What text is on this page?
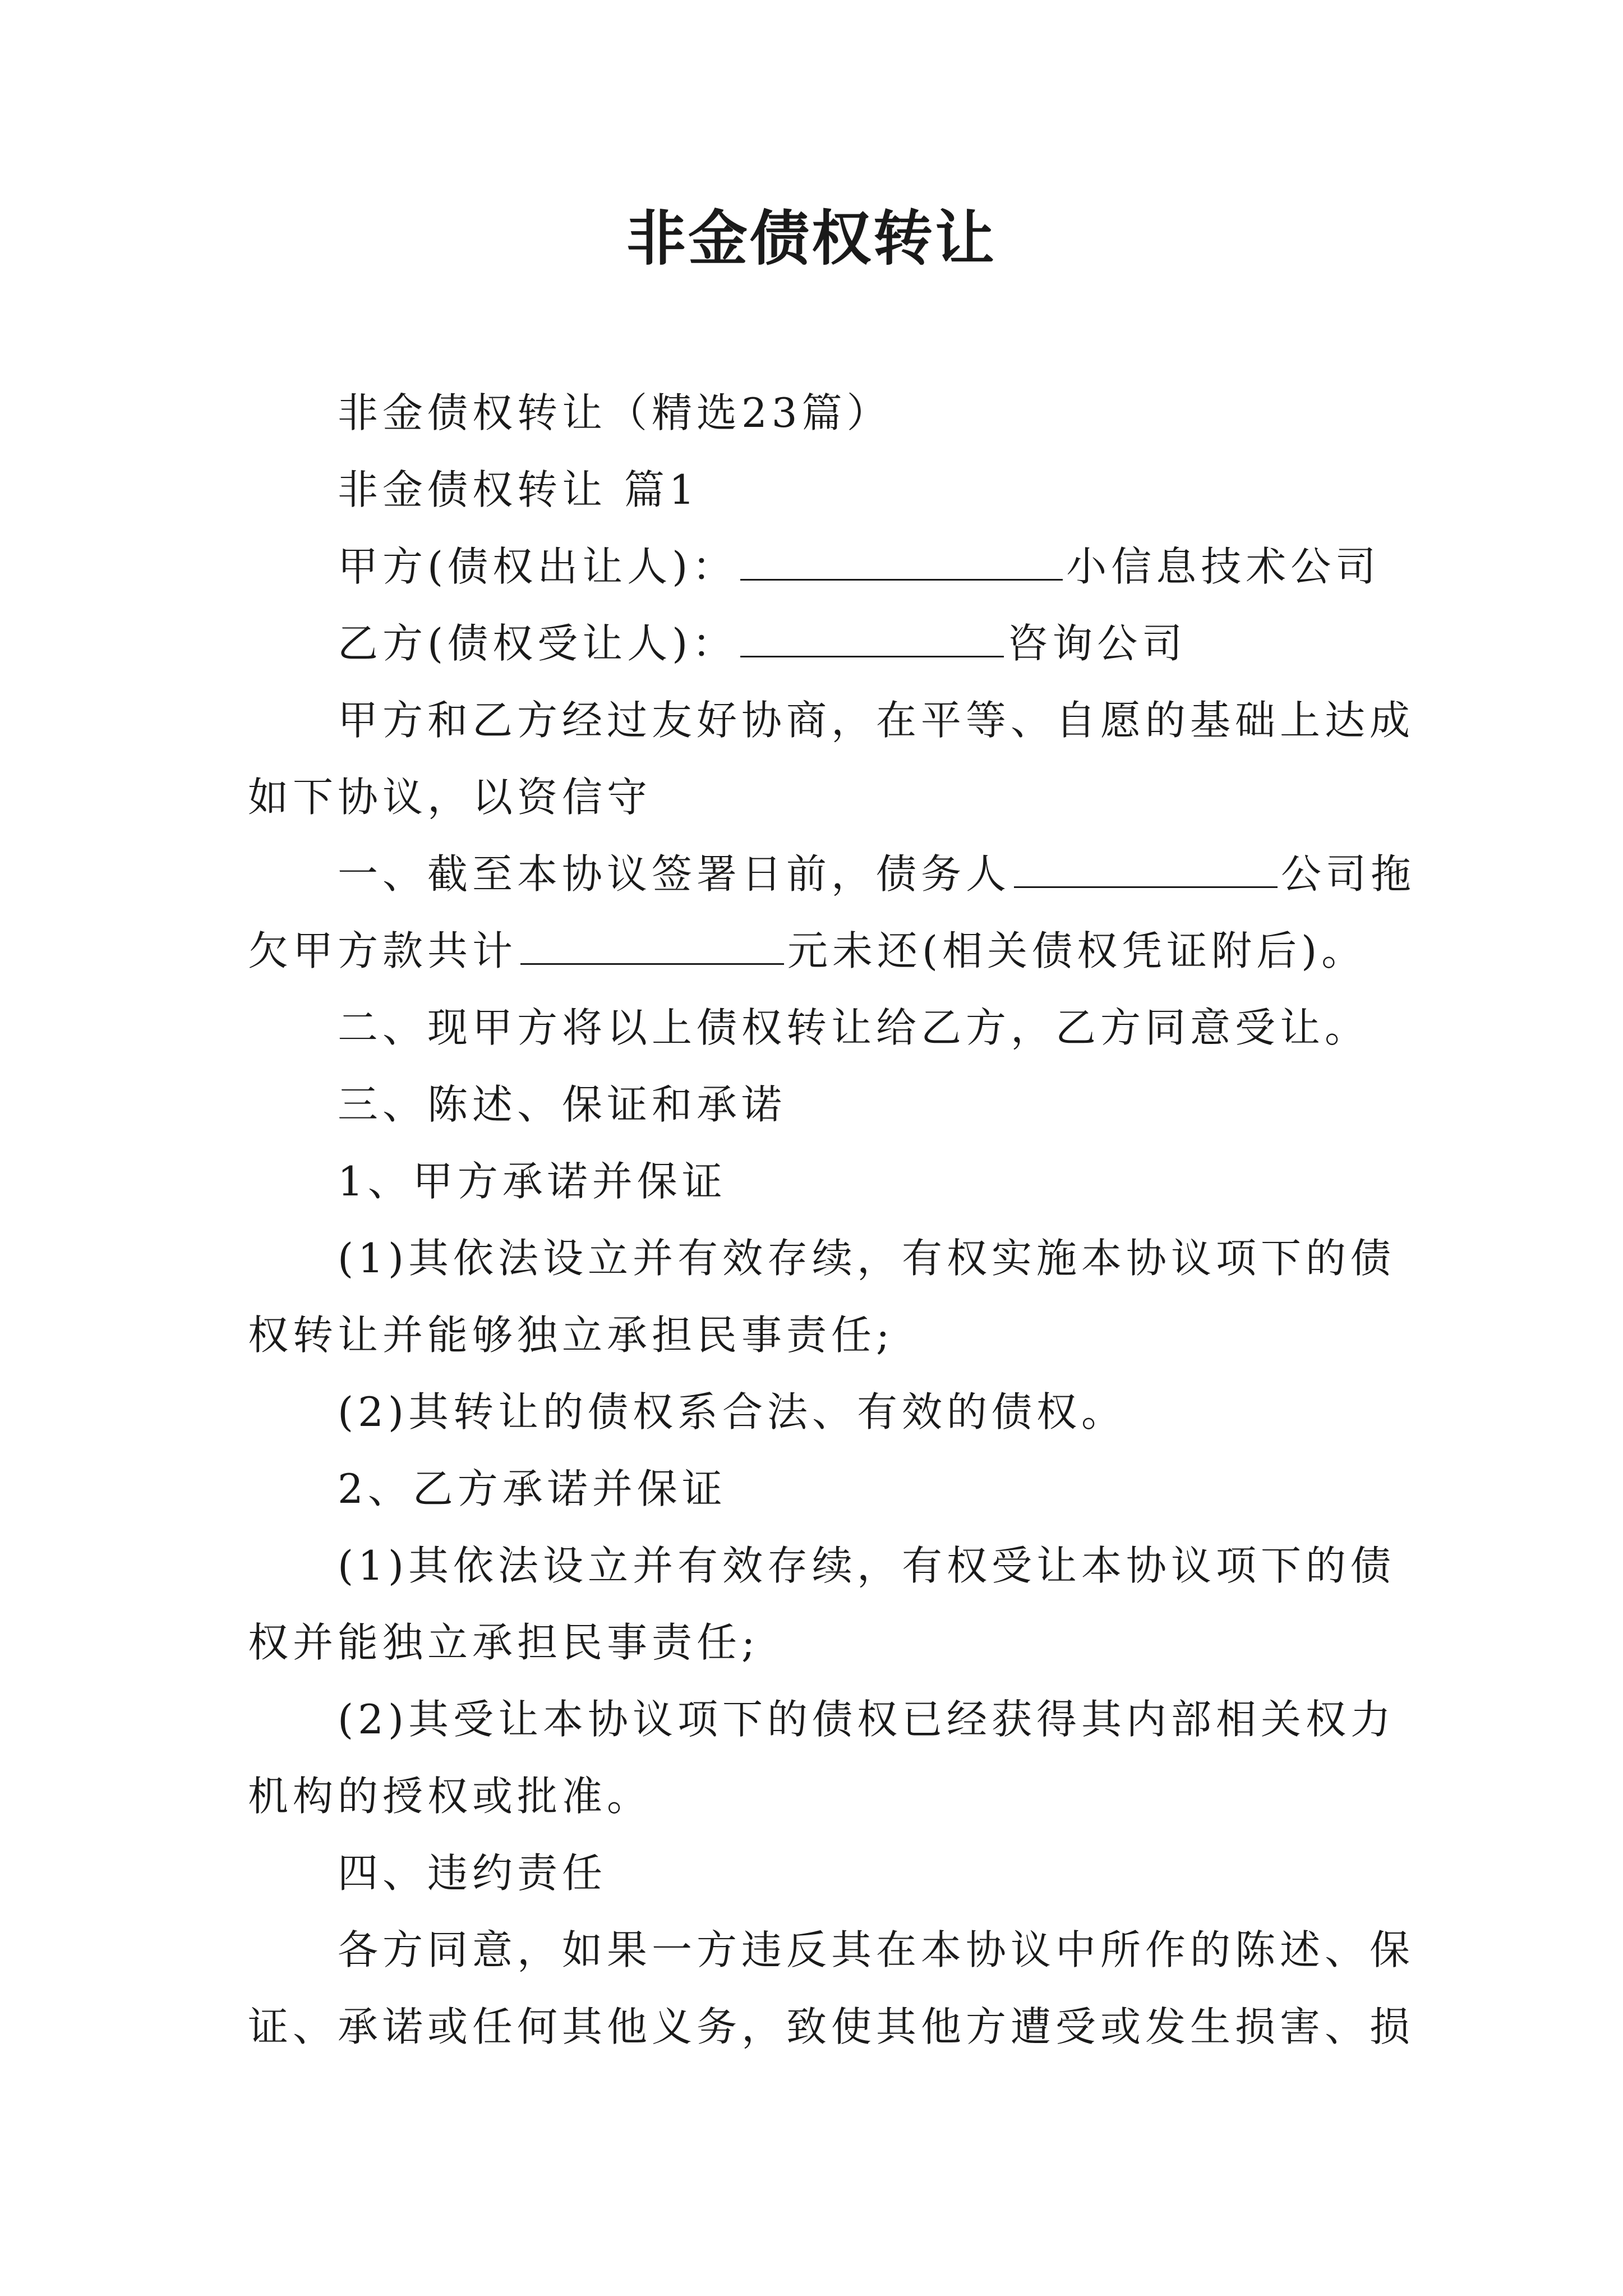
非金债权转让

非金债权转让（精选23篇）

非金债权转让 篇1

甲方(债权出让人)：	小信息技术公司

乙方(债权受让人)：	咨询公司

甲方和乙方经过友好协商，在平等、自愿的基础上达成

如下协议，以资信守

一、截至本协议签署日前，债务人	公司拖

欠甲方款共计	元未还(相关债权凭证附后)。

二、现甲方将以上债权转让给乙方，乙方同意受让。

三、陈述、保证和承诺

1、甲方承诺并保证

(1)其依法设立并有效存续，有权实施本协议项下的债

权转让并能够独立承担民事责任;

(2)其转让的债权系合法、有效的债权。

2、乙方承诺并保证

(1)其依法设立并有效存续，有权受让本协议项下的债

权并能独立承担民事责任;

(2)其受让本协议项下的债权已经获得其内部相关权力

机构的授权或批准。

四、违约责任

各方同意，如果一方违反其在本协议中所作的陈述、保

证、承诺或任何其他义务，致使其他方遭受或发生损害、损
